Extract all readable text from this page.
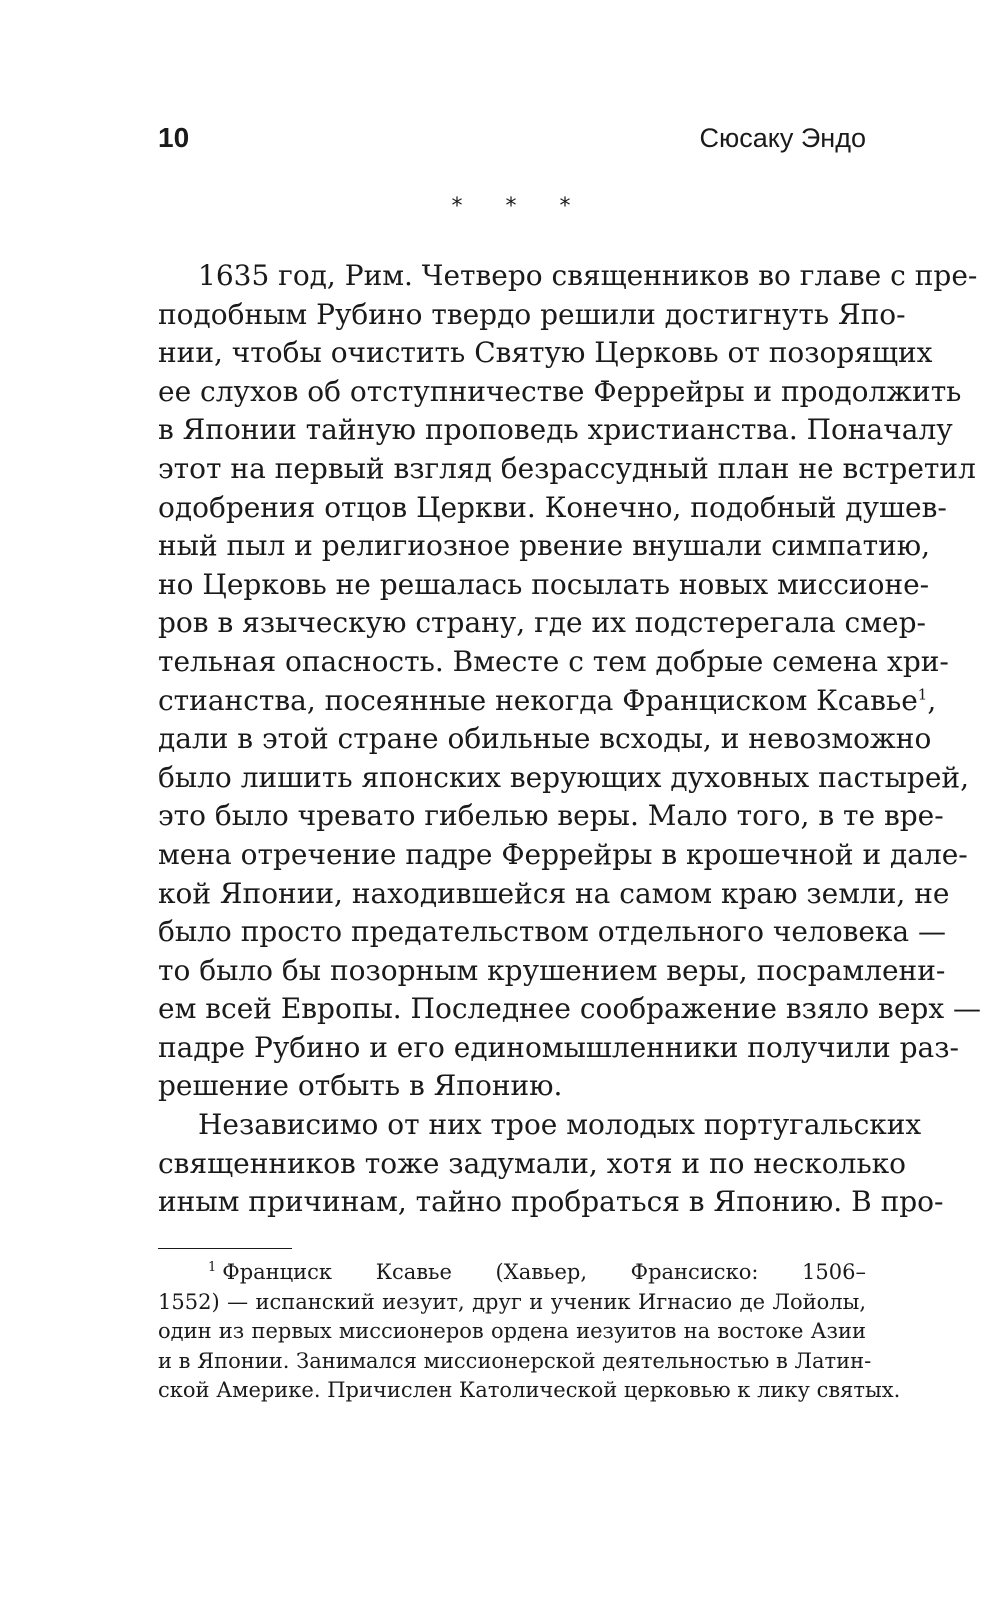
10	Сюсаку Эндо
* * *
1635 год, Рим. Четверо священников во главе с пре-
подобным Рубино твердо решили достигнуть Япо-
нии, чтобы очистить Святую Церковь от позорящих
ее слухов об отступничестве Феррейры и продолжить
в Японии тайную проповедь христианства. Поначалу
этот на первый взгляд безрассудный план не встретил
одобрения отцов Церкви. Конечно, подобный душев-
ный пыл и религиозное рвение внушали симпатию,
но Церковь не решалась посылать новых миссионе-
ров в языческую страну, где их подстерегала смер-
тельная опасность. Вместе с тем добрые семена хри-
стианства, посеянные некогда Франциском Ксавье$^1$,
дали в этой стране обильные всходы, и невозможно
было лишить японских верующих духовных пастырей,
это было чревато гибелью веры. Мало того, в те вре-
мена отречение падре Феррейры в крошечной и дале-
кой Японии, находившейся на самом краю земли, не
было просто предательством отдельного человека —
то было бы позорным крушением веры, посрамлени-
ем всей Европы. Последнее соображение взяло верх —
падре Рубино и его единомышленники получили раз-
решение отбыть в Японию.
Независимо от них трое молодых португальских
священников тоже задумали, хотя и по несколько
иным причинам, тайно пробраться в Японию. В про-
$^1$ Франциск Ксавье (Хавьер, Франсиско: 1506–
1552) — испанский иезуит, друг и ученик Игнасио де Лойолы,
один из первых миссионеров ордена иезуитов на востоке Азии
и в Японии. Занимался миссионерской деятельностью в Латин-
ской Америке. Причислен Католической церковью к лику святых.
